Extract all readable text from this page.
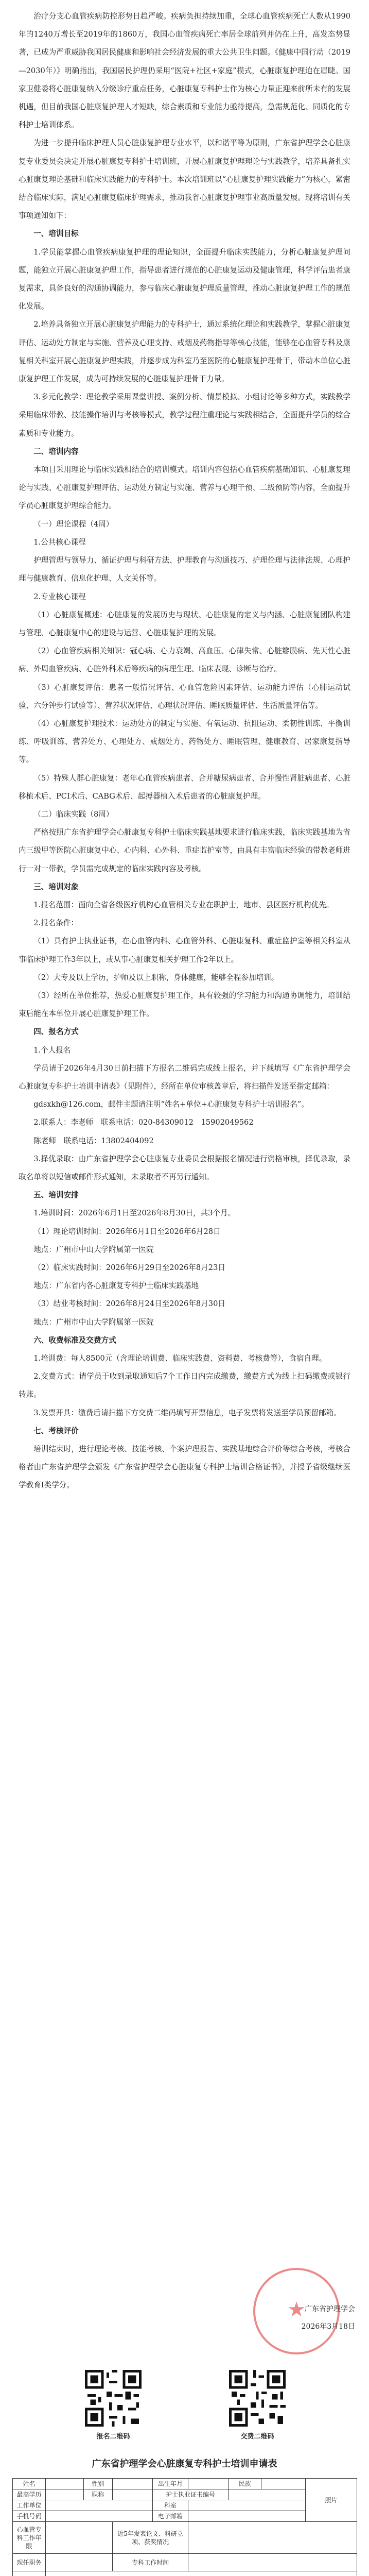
治疗分支心血管疾病防控形势日趋严峻。疾病负担持续加重，全球心血管疾病死亡人数从1990年的1240万增长至2019年的1860万，我国心血管疾病死亡率居全球前列并仍在上升，高发态势显著，已成为严重威胁我国居民健康和影响社会经济发展的重大公共卫生问题。《健康中国行动（2019—2030年）》明确指出，我国居民护理仍采用“医院+社区+家庭”模式，心脏康复护理迫在眉睫。国家卫健委将心脏康复纳入分级诊疗重点任务，心脏康复专科护士作为核心力量正迎来前所未有的发展机遇，但目前我国心脏康复护理人才短缺，综合素质和专业能力亟待提高，急需规范化、同质化的专科护士培训体系。

为进一步提升临床护理人员心脏康复护理专业水平，以和谐平等为原则，广东省护理学会心脏康复专业委员会决定开展心脏康复专科护士培训班，开展心脏康复护理理论与实践教学，培养具备扎实心脏康复理论基础和临床实践能力的专科护士。本次培训班以“心脏康复护理实践能力”为核心，紧密结合临床实际，满足心脏康复临床护理需求，推动我省心脏康复护理事业高质量发展。现将培训有关事项通知如下：

一、培训目标

1.学员能掌握心血管疾病康复护理的理论知识，全面提升临床实践能力，分析心脏康复护理问题，能独立开展心脏康复护理工作，指导患者进行规范的心脏康复运动及健康管理，科学评估患者康复需求，具备良好的沟通协调能力，参与临床心脏康复护理质量管理，推动心脏康复护理工作的规范化发展。

2.培养具备独立开展心脏康复护理能力的专科护士，通过系统化理论和实践教学，掌握心脏康复评估、运动处方制定与实施、营养及心理支持、戒烟及药物指导等核心技能，能够在心血管专科及康复相关科室开展心脏康复护理实践，并逐步成为科室乃至医院的心脏康复护理骨干，带动本单位心脏康复护理工作发展，成为可持续发展的心脏康复护理骨干力量。

3.多元化教学：理论教学采用课堂讲授、案例分析、情景模拟、小组讨论等多种方式，实践教学采用临床带教、技能操作培训与考核等模式，教学过程注重理论与实践相结合，全面提升学员的综合素质和专业能力。

二、培训内容

本项目采用理论与临床实践相结合的培训模式。培训内容包括心血管疾病基础知识、心脏康复理论与实践、心脏康复护理评估、运动处方制定与实施、营养与心理干预、二级预防等内容，全面提升学员心脏康复护理综合能力。

（一）理论课程（4周）

1.公共核心课程

护理管理与领导力、循证护理与科研方法、护理教育与沟通技巧、护理伦理与法律法规、心理护理与健康教育、信息化护理、人文关怀等。

2.专业核心课程

（1）心脏康复概述：心脏康复的发展历史与现状、心脏康复的定义与内涵、心脏康复团队构建与管理、心脏康复中心的建设与运营、心脏康复护理的发展。

（2）心血管疾病相关知识：冠心病、心力衰竭、高血压、心律失常、心脏瓣膜病、先天性心脏病、外周血管疾病、心脏外科术后等疾病的病理生理、临床表现、诊断与治疗。

（3）心脏康复评估：患者一般情况评估、心血管危险因素评估、运动能力评估（心肺运动试验、六分钟步行试验等）、营养状况评估、心理状况评估、睡眠质量评估、生活质量评估等。

（4）心脏康复护理技术：运动处方的制定与实施、有氧运动、抗阻运动、柔韧性训练、平衡训练、呼吸训练、营养处方、心理处方、戒烟处方、药物处方、睡眠管理、健康教育、居家康复指导等。

（5）特殊人群心脏康复：老年心血管疾病患者、合并糖尿病患者、合并慢性肾脏病患者、心脏移植术后、PCI术后、CABG术后、起搏器植入术后患者的心脏康复护理。

（二）临床实践（8周）

严格按照广东省护理学会心脏康复专科护士临床实践基地要求进行临床实践，临床实践基地为省内三级甲等医院心脏康复中心、心内科、心外科、重症监护室等，由具有丰富临床经验的带教老师进行一对一带教，学员需完成规定的临床实践内容及考核。

三、培训对象

1.报名范围：面向全省各级医疗机构心血管相关专业在职护士，地市、县区医疗机构优先。

2.报名条件：

（1）具有护士执业证书，在心血管内科、心血管外科、心脏康复科、重症监护室等相关科室从事临床护理工作3年以上，或从事心脏康复相关护理工作2年以上。

（2）大专及以上学历，护师及以上职称，身体健康，能够全程参加培训。

（3）经所在单位推荐，热爱心脏康复护理工作，具有较强的学习能力和沟通协调能力，培训结束后能在本单位开展心脏康复护理工作。

四、报名方式

1.个人报名

学员请于2026年4月30日前扫描下方报名二维码完成线上报名，并下载填写《广东省护理学会心脏康复专科护士培训申请表》（见附件），经所在单位审核盖章后，将扫描件发送至指定邮箱：

gdsxkh@126.com，邮件主题请注明“姓名+单位+心脏康复专科护士培训报名”。

2.联系人：李老师　联系电话：020-84309012　15902049562

陈老师　联系电话：13802404092

3.择优录取：由广东省护理学会心脏康复专业委员会根据报名情况进行资格审核，择优录取，录取名单将以短信或邮件形式通知，未录取者不再另行通知。

五、培训安排

1.培训时间：2026年6月1日至2026年8月30日，共3个月。

（1）理论培训时间：2026年6月1日至2026年6月28日

地点：广州市中山大学附属第一医院

（2）临床实践时间：2026年6月29日至2026年8月23日

地点：广东省内各心脏康复专科护士临床实践基地

（3）结业考核时间：2026年8月24日至2026年8月30日

地点：广州市中山大学附属第一医院

六、收费标准及交费方式

1.培训费：每人8500元（含理论培训费、临床实践费、资料费、考核费等），食宿自理。

2.交费方式：请学员于收到录取通知后7个工作日内完成缴费，缴费方式为线上扫码缴费或银行转账。

3.发票开具：缴费后请扫描下方交费二维码填写开票信息，电子发票将发送至学员预留邮箱。

七、考核评价

培训结束时，进行理论考核、技能考核、个案护理报告、实践基地综合评价等综合考核，考核合格者由广东省护理学会颁发《广东省护理学会心脏康复专科护士培训合格证书》，并授予省级继续医学教育Ⅰ类学分。

★
广东省护理学会
2026年3月18日
报名二维码	交费二维码
广东省护理学会心脏康复专科护士培训申请表
姓名		性别		出生年月		民族		照片
最高学历		职称		护士执业证书编号				
工作单位				科室				
手机号码				电子邮箱				
心血管专科工作年限			近5年发表论文、科研立项、获奖情况					
现任职务			专科工作时间					
